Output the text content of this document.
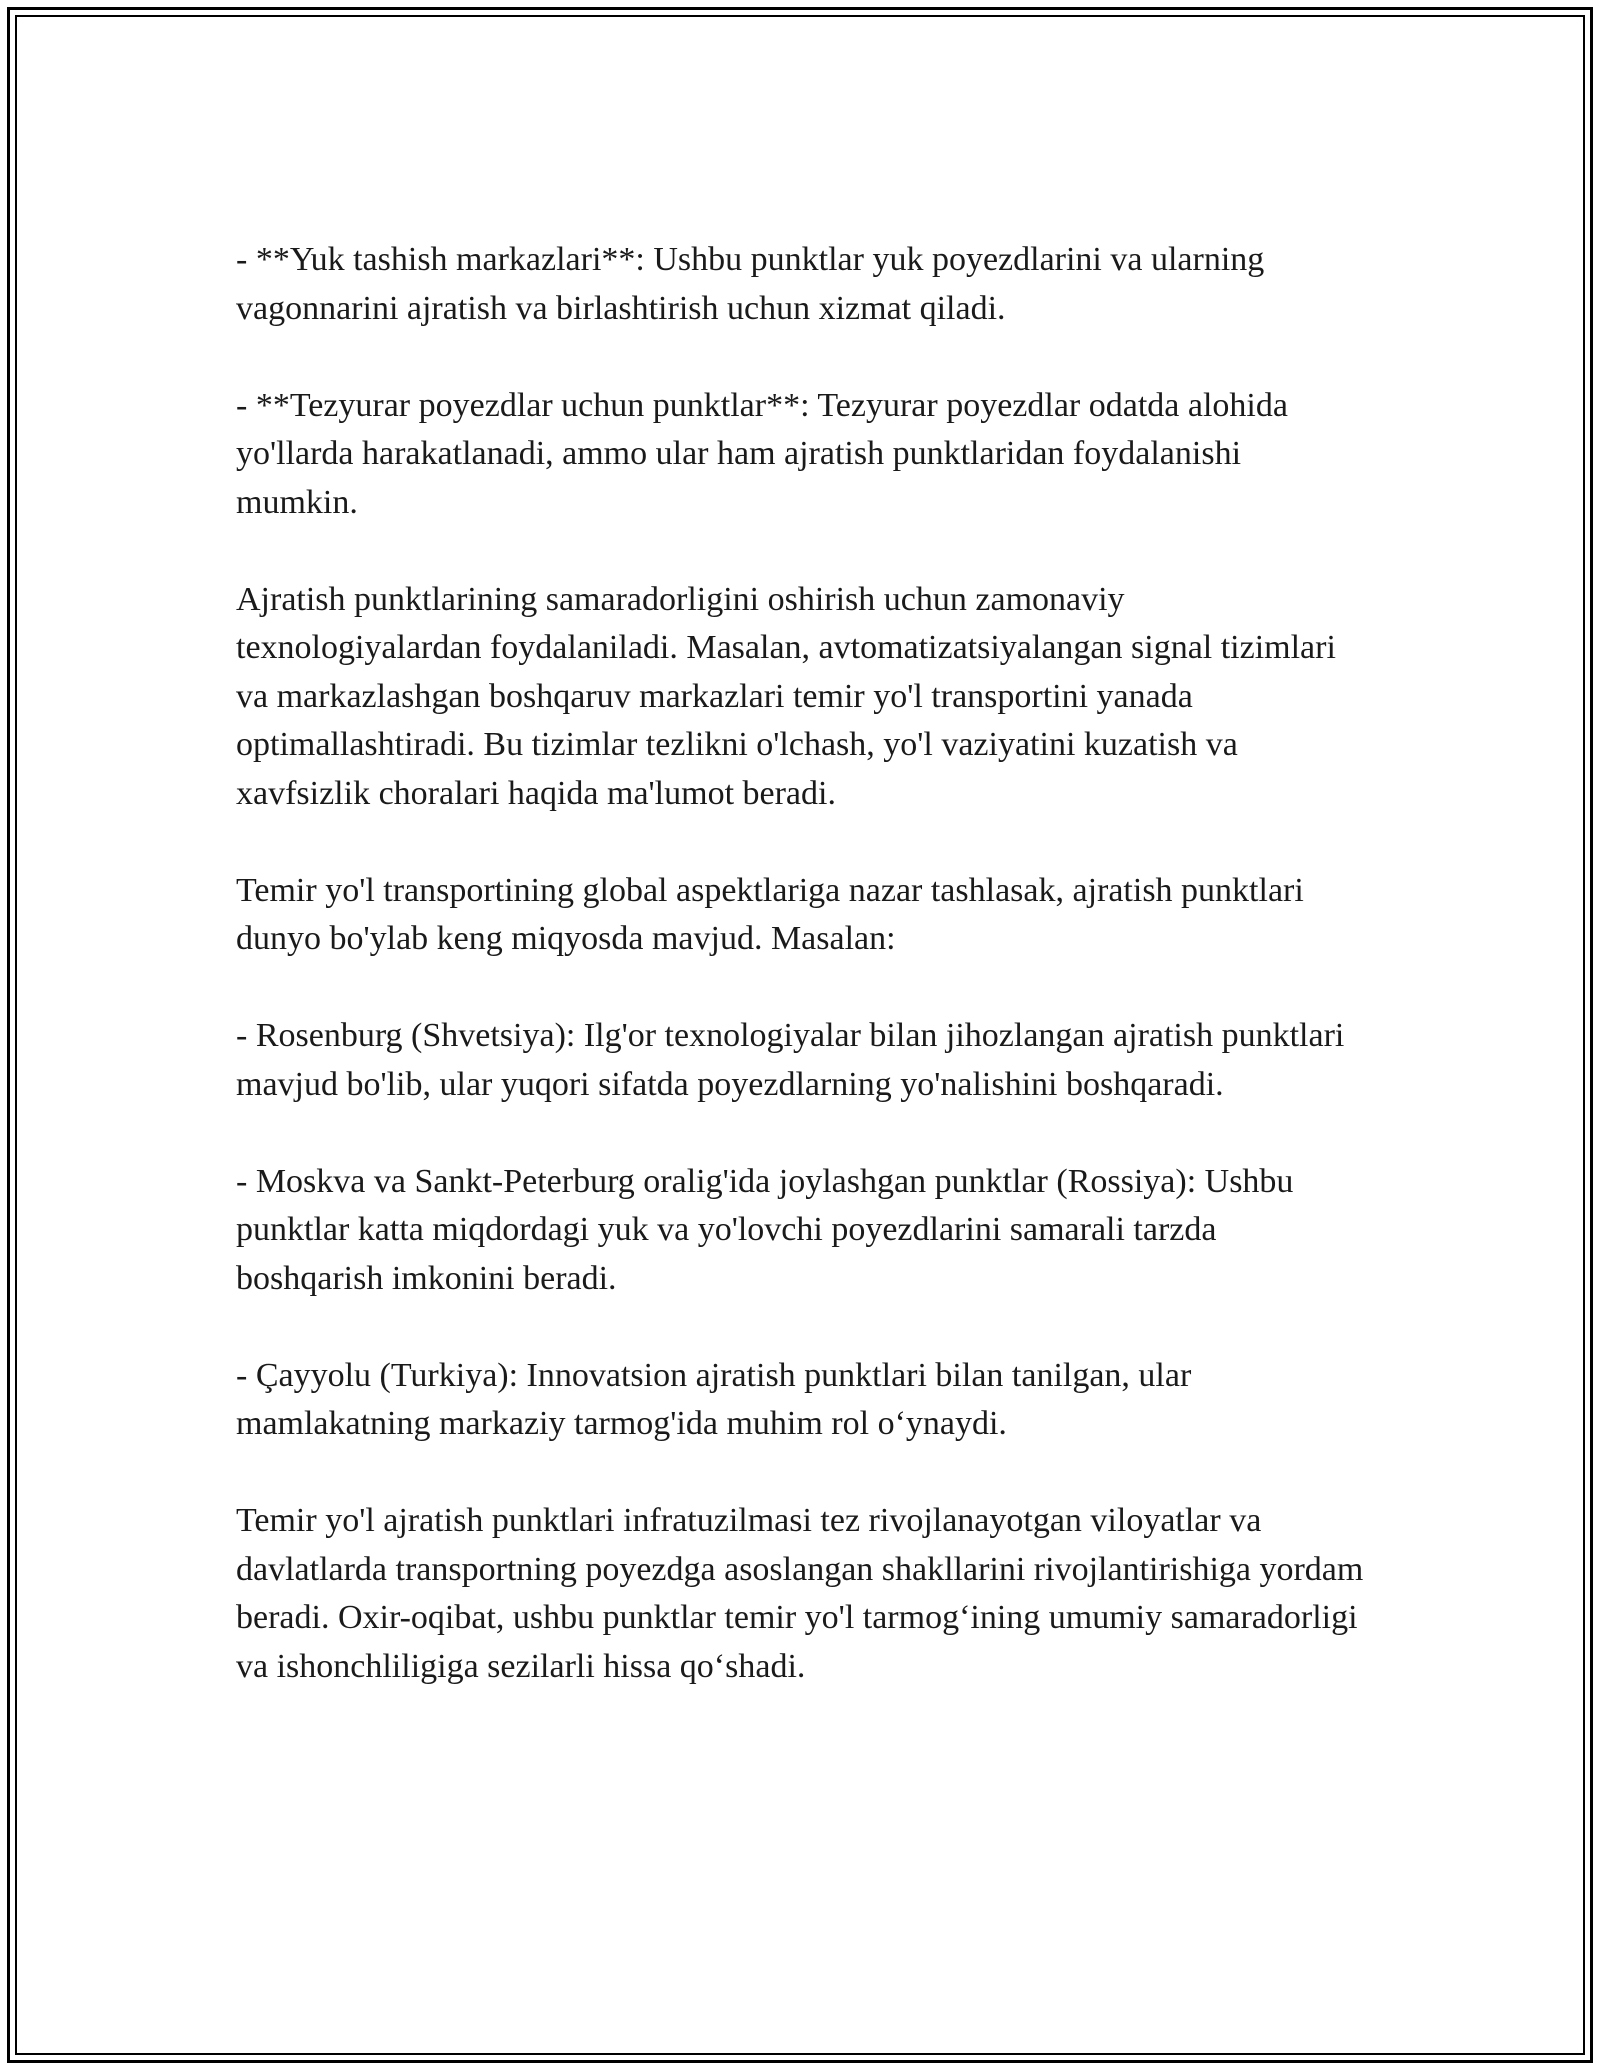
- **Yuk tashish markazlari**: Ushbu punktlar yuk poyezdlarini va ularning vagonnarini ajratish va birlashtirish uchun xizmat qiladi.

- **Tezyurar poyezdlar uchun punktlar**: Tezyurar poyezdlar odatda alohida yo'llarda harakatlanadi, ammo ular ham ajratish punktlaridan foydalanishi mumkin.

Ajratish punktlarining samaradorligini oshirish uchun zamonaviy texnologiyalardan foydalaniladi. Masalan, avtomatizatsiyalangan signal tizimlari va markazlashgan boshqaruv markazlari temir yo'l transportini yanada optimallashtiradi. Bu tizimlar tezlikni o'lchash, yo'l vaziyatini kuzatish va xavfsizlik choralari haqida ma'lumot beradi.

Temir yo'l transportining global aspektlariga nazar tashlasak, ajratish punktlari dunyo bo'ylab keng miqyosda mavjud. Masalan:

- Rosenburg (Shvetsiya): Ilg'or texnologiyalar bilan jihozlangan ajratish punktlari mavjud bo'lib, ular yuqori sifatda poyezdlarning yo'nalishini boshqaradi.

- Moskva va Sankt-Peterburg oralig'ida joylashgan punktlar (Rossiya): Ushbu punktlar katta miqdordagi yuk va yo'lovchi poyezdlarini samarali tarzda boshqarish imkonini beradi.

- Çayyolu (Turkiya): Innovatsion ajratish punktlari bilan tanilgan, ular mamlakatning markaziy tarmog'ida muhim rol o‘ynaydi.

Temir yo'l ajratish punktlari infratuzilmasi tez rivojlanayotgan viloyatlar va davlatlarda transportning poyezdga asoslangan shakllarini rivojlantirishiga yordam beradi. Oxir-oqibat, ushbu punktlar temir yo'l tarmog‘ining umumiy samaradorligi va ishonchliligiga sezilarli hissa qo‘shadi.
